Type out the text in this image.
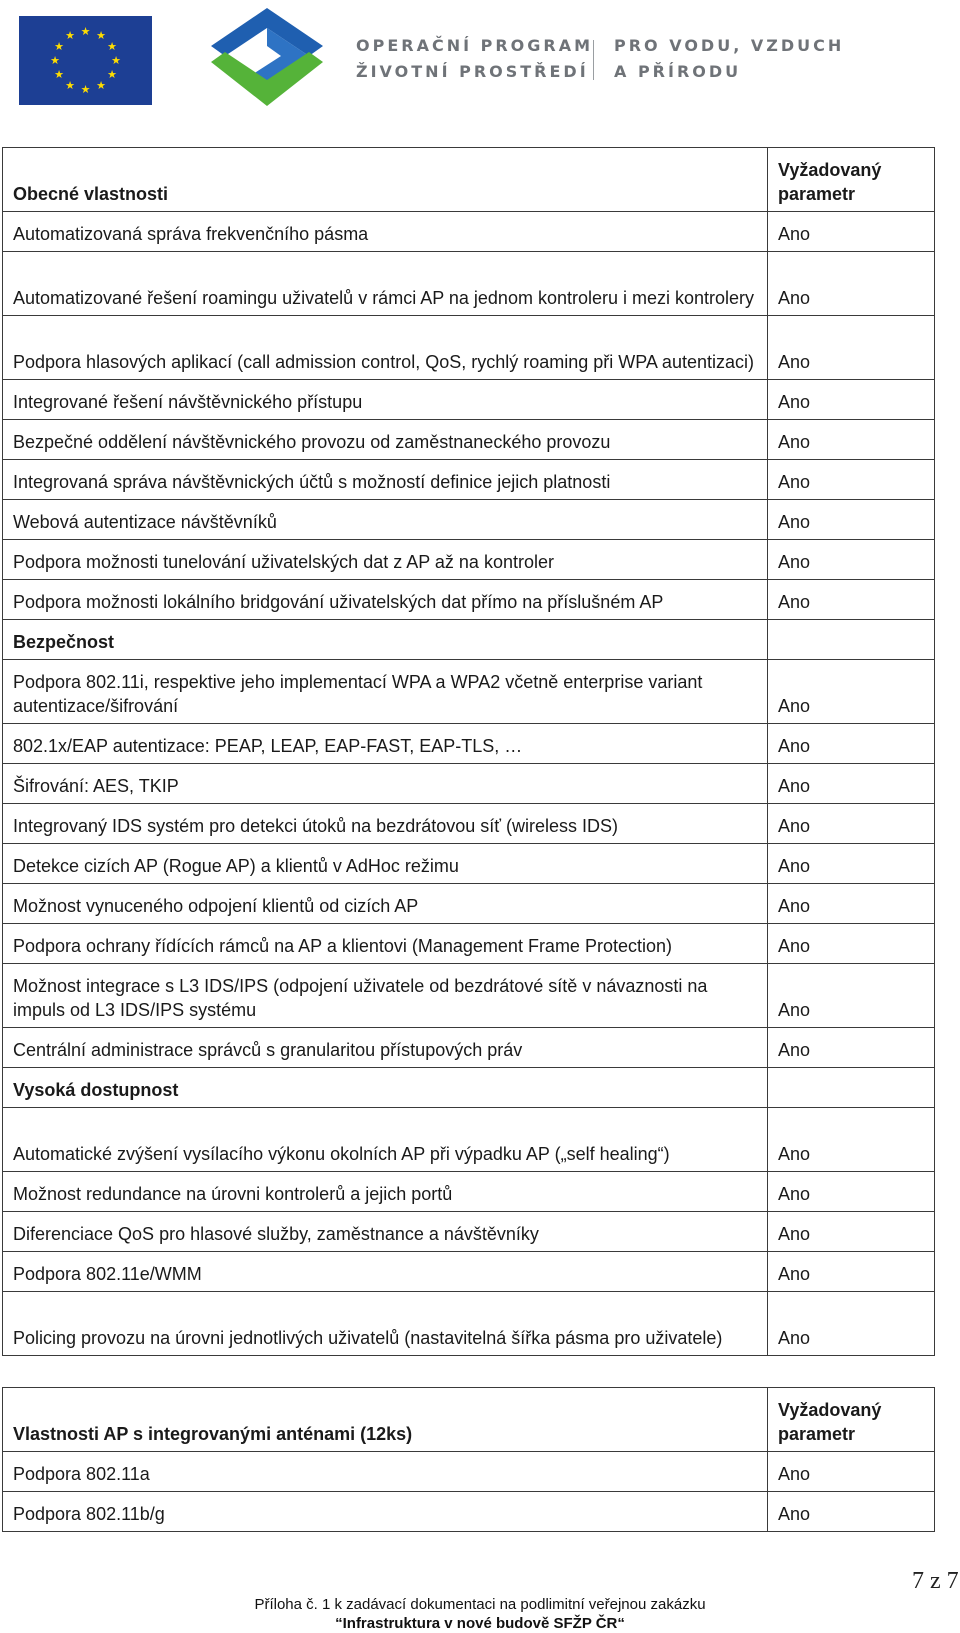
★ ★
★
★
★
★
★
★
★
★
★
★
OPERAČNÍ PROGRAM
ŽIVOTNÍ PROSTŘEDÍ
PRO VODU, VZDUCH
A PŘÍRODU
Obecné vlastnosti	Vyžadovaný parametr
Automatizovaná správa frekvenčního pásma	Ano
Automatizované řešení roamingu uživatelů v rámci AP na jednom kontroleru i mezi kontrolery	Ano
Podpora hlasových aplikací (call admission control, QoS, rychlý roaming při WPA autentizaci)	Ano
Integrované řešení návštěvnického přístupu	Ano
Bezpečné oddělení návštěvnického provozu od zaměstnaneckého provozu	Ano
Integrovaná správa návštěvnických účtů s možností definice jejich platnosti	Ano
Webová autentizace návštěvníků	Ano
Podpora možnosti tunelování uživatelských dat z AP až na kontroler	Ano
Podpora možnosti lokálního bridgování uživatelských dat přímo na příslušném AP	Ano
Bezpečnost	
Podpora 802.11i, respektive jeho implementací WPA a WPA2 včetně enterprise variant autentizace/šifrování	Ano
802.1x/EAP autentizace: PEAP, LEAP, EAP-FAST, EAP-TLS, …	Ano
Šifrování: AES, TKIP	Ano
Integrovaný IDS systém pro detekci útoků na bezdrátovou síť (wireless IDS)	Ano
Detekce cizích AP (Rogue AP) a klientů v AdHoc režimu	Ano
Možnost vynuceného odpojení klientů od cizích AP	Ano
Podpora ochrany řídících rámců na AP a klientovi (Management Frame Protection)	Ano
Možnost integrace s L3 IDS/IPS (odpojení uživatele od bezdrátové sítě v návaznosti na impuls od L3 IDS/IPS systému	Ano
Centrální administrace správců s granularitou přístupových práv	Ano
Vysoká dostupnost	
Automatické zvýšení vysílacího výkonu okolních AP při výpadku AP („self healing“)	Ano
Možnost redundance na úrovni kontrolerů a jejich portů	Ano
Diferenciace QoS pro hlasové služby, zaměstnance a návštěvníky	Ano
Podpora 802.11e/WMM	Ano
Policing provozu na úrovni jednotlivých uživatelů (nastavitelná šířka pásma pro uživatele)	Ano
Vlastnosti AP s integrovanými anténami (12ks)	Vyžadovaný parametr
Podpora 802.11a	Ano
Podpora 802.11b/g	Ano
7 z 7
Příloha č. 1 k zadávací dokumentaci na podlimitní veřejnou zakázku
“Infrastruktura v nové budově SFŽP ČR“
